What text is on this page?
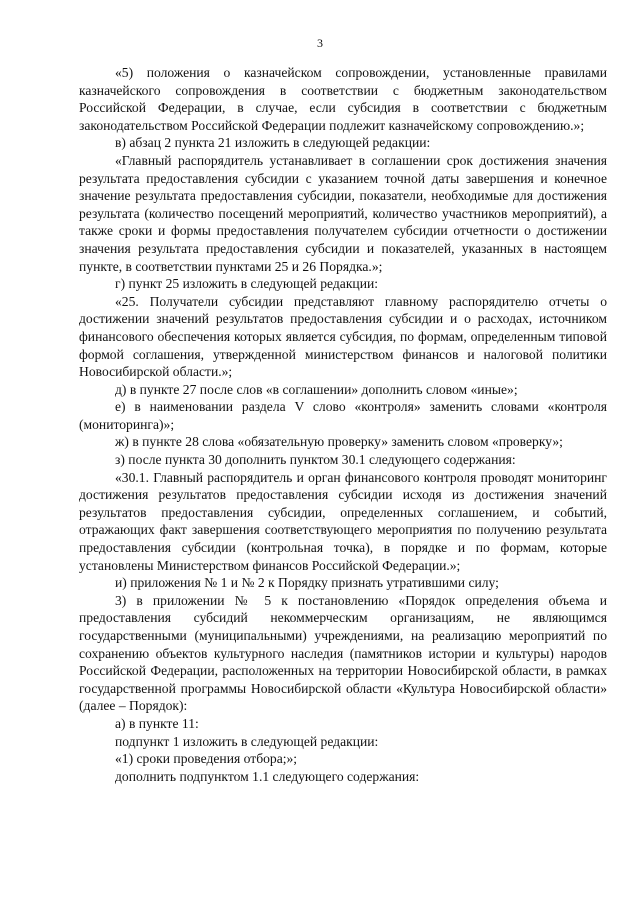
3

«5) положения о казначейском сопровождении, установленные правилами казначейского сопровождения в соответствии с бюджетным законодательством Российской Федерации, в случае, если субсидия в соответствии с бюджетным законодательством Российской Федерации подлежит казначейскому сопровождению.»;

в) абзац 2 пункта 21 изложить в следующей редакции:

«Главный распорядитель устанавливает в соглашении срок достижения значения результата предоставления субсидии с указанием точной даты завершения и конечное значение результата предоставления субсидии, показатели, необходимые для достижения результата (количество посещений мероприятий, количество участников мероприятий), а также сроки и формы предоставления получателем субсидии отчетности о достижении значения результата предоставления субсидии и показателей, указанных в настоящем пункте, в соответствии пунктами 25 и 26 Порядка.»;

г) пункт 25 изложить в следующей редакции:

«25. Получатели субсидии представляют главному распорядителю отчеты о достижении значений результатов предоставления субсидии и о расходах, источником финансового обеспечения которых является субсидия, по формам, определенным типовой формой соглашения, утвержденной министерством финансов и налоговой политики Новосибирской области.»;

д) в пункте 27 после слов «в соглашении» дополнить словом «иные»;

е) в наименовании раздела V слово «контроля» заменить словами «контроля (мониторинга)»;

ж) в пункте 28 слова «обязательную проверку» заменить словом «проверку»;

з) после пункта 30 дополнить пунктом 30.1 следующего содержания:

«30.1. Главный распорядитель и орган финансового контроля проводят мониторинг достижения результатов предоставления субсидии исходя из достижения значений результатов предоставления субсидии, определенных соглашением, и событий, отражающих факт завершения соответствующего мероприятия по получению результата предоставления субсидии (контрольная точка), в порядке и по формам, которые установлены Министерством финансов Российской Федерации.»;

и) приложения № 1 и № 2 к Порядку признать утратившими силу;

3) в приложении № 5 к постановлению «Порядок определения объема и предоставления субсидий некоммерческим организациям, не являющимся государственными (муниципальными) учреждениями, на реализацию мероприятий по сохранению объектов культурного наследия (памятников истории и культуры) народов Российской Федерации, расположенных на территории Новосибирской области, в рамках государственной программы Новосибирской области «Культура Новосибирской области» (далее – Порядок):

а) в пункте 11:

подпункт 1 изложить в следующей редакции:

«1) сроки проведения отбора;»;

дополнить подпунктом 1.1 следующего содержания:
